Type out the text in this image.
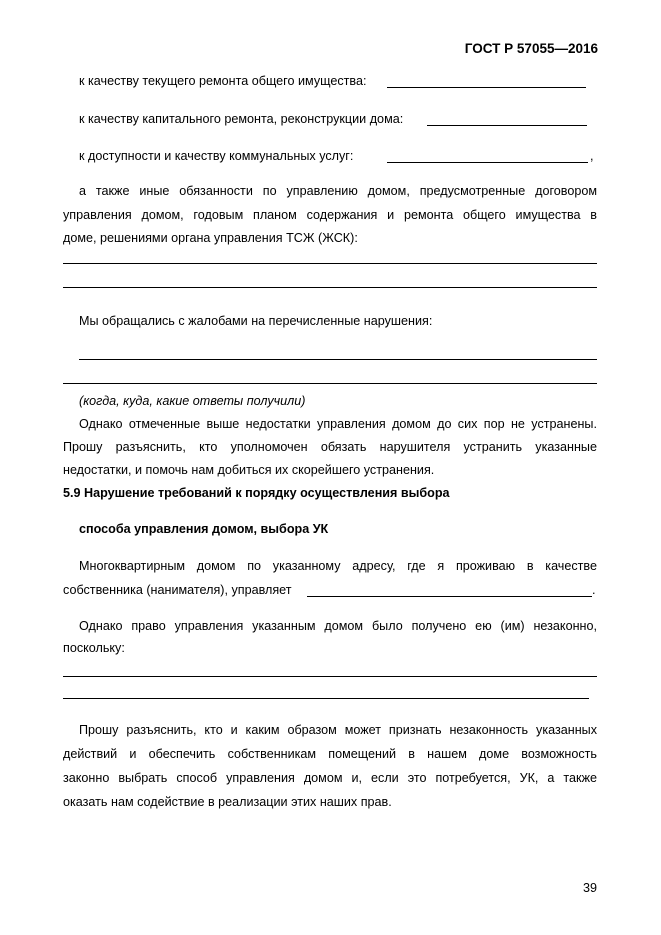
ГОСТ Р 57055—2016
к качеству текущего ремонта общего имущества:
к качеству капитального ремонта, реконструкции дома:
к доступности и качеству коммунальных услуг:	,
а также иные обязанности по управлению домом, предусмотренные договором
управления домом, годовым планом содержания и ремонта общего имущества в
доме, решениями органа управления ТСЖ (ЖСК):
Мы обращались с жалобами на перечисленные нарушения:
(когда, куда, какие ответы получили)
Однако отмеченные выше недостатки управления домом до сих пор не устранены.
Прошу разъяснить, кто уполномочен обязать нарушителя устранить указанные
недостатки, и помочь нам добиться их скорейшего устранения.
5.9 Нарушение требований к порядку осуществления выбора
способа управления домом, выбора УК
Многоквартирным домом по указанному адресу, где я проживаю в качестве
собственника (нанимателя), управляет	.
Однако право управления указанным домом было получено ею (им) незаконно,
поскольку:
Прошу разъяснить, кто и каким образом может признать незаконность указанных
действий и обеспечить собственникам помещений в нашем доме возможность
законно выбрать способ управления домом и, если это потребуется, УК, а также
оказать нам содействие в реализации этих наших прав.
39
